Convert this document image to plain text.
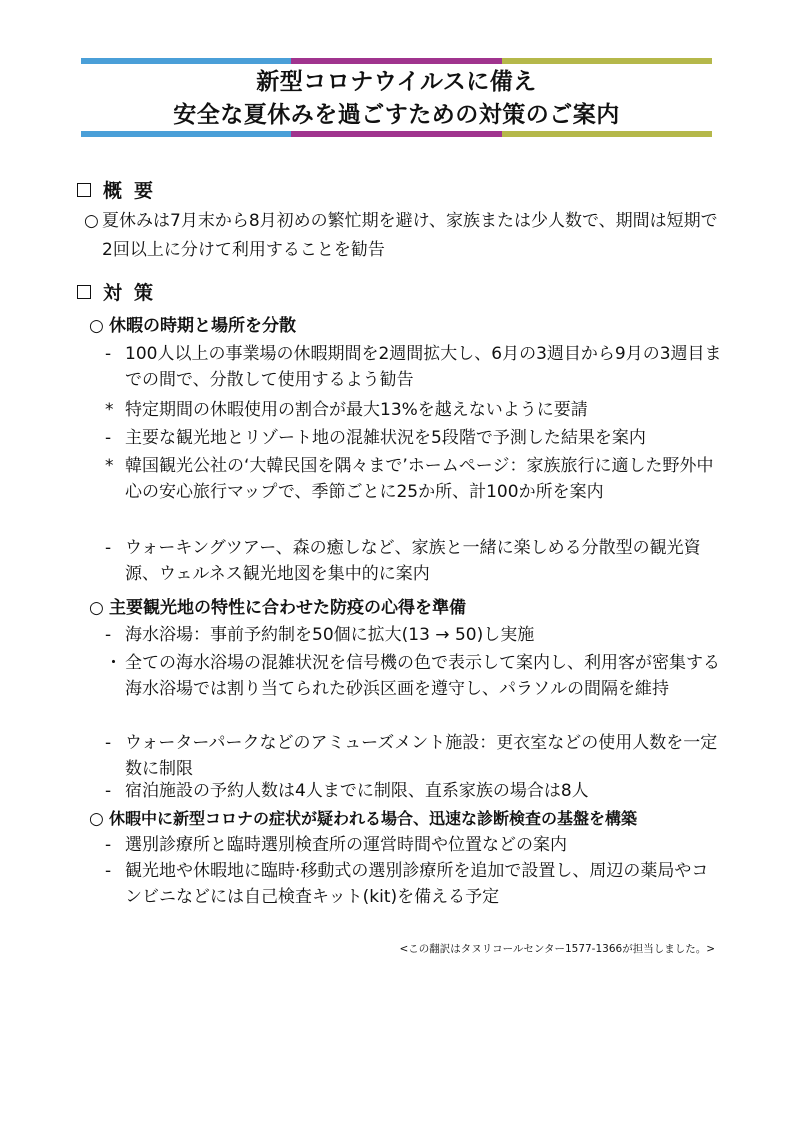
新型コロナウイルスに備え
安全な夏休みを過ごすための対策のご案内
概要
○ 夏休みは7月末から8月初めの繁忙期を避け、家族または少人数で、期間は短期で2回以上に分けて利用することを勧告
対策
○ 休暇の時期と場所を分散
- 100人以上の事業場の休暇期間を2週間拡大し、6月の3週目から9月の3週目までの間で、分散して使用するよう勧告
* 特定期間の休暇使用の割合が最大13%を越えないように要請
- 主要な観光地とリゾート地の混雑状況を5段階で予測した結果を案内
* 韓国観光公社の‘大韓民国を隅々まで’ホームページ：家族旅行に適した野外中心の安心旅行マップで、季節ごとに25か所、計100か所を案内
- ウォーキングツアー、森の癒しなど、家族と一緒に楽しめる分散型の観光資源、ウェルネス観光地図を集中的に案内
○ 主要観光地の特性に合わせた防疫の心得を準備
- 海水浴場：事前予約制を50個に拡大(13 → 50)し実施
・ 全ての海水浴場の混雑状況を信号機の色で表示して案内し、利用客が密集する海水浴場では割り当てられた砂浜区画を遵守し、パラソルの間隔を維持
- ウォーターパークなどのアミューズメント施設：更衣室などの使用人数を一定数に制限
- 宿泊施設の予約人数は4人までに制限、直系家族の場合は8人
○ 休暇中に新型コロナの症状が疑われる場合、迅速な診断検査の基盤を構築
- 選別診療所と臨時選別検査所の運営時間や位置などの案内
- 観光地や休暇地に臨時·移動式の選別診療所を追加で設置し、周辺の薬局やコンビニなどには自己検査キット(kit)を備える予定
<この翻訳はタヌリコールセンター1577-1366が担当しました。>
